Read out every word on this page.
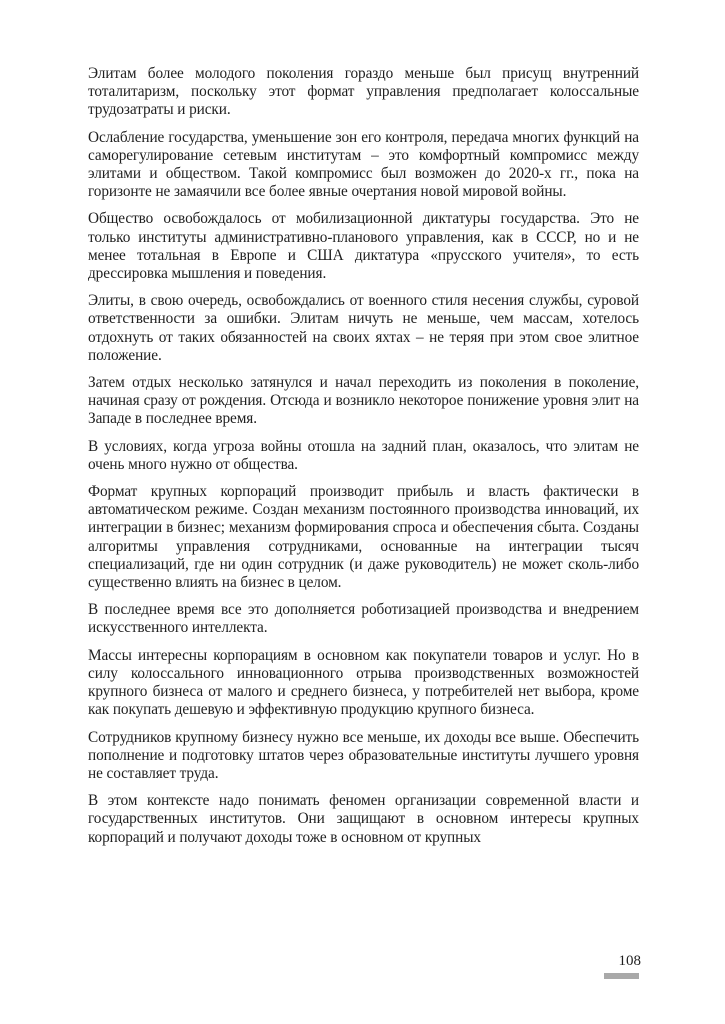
Элитам более молодого поколения гораздо меньше был присущ внутренний тоталитаризм, поскольку этот формат управления предполагает колоссальные трудозатраты и риски.

Ослабление государства, уменьшение зон его контроля, передача многих функций на саморегулирование сетевым институтам – это комфортный компромисс между элитами и обществом. Такой компромисс был возможен до 2020-х гг., пока на горизонте не замаячили все более явные очертания новой мировой войны.

Общество освобождалось от мобилизационной диктатуры государства. Это не только институты административно-планового управления, как в СССР, но и не менее тотальная в Европе и США диктатура «прусского учителя», то есть дрессировка мышления и поведения.

Элиты, в свою очередь, освобождались от военного стиля несения службы, суровой ответственности за ошибки. Элитам ничуть не меньше, чем массам, хотелось отдохнуть от таких обязанностей на своих яхтах – не теряя при этом свое элитное положение.

Затем отдых несколько затянулся и начал переходить из поколения в поколение, начиная сразу от рождения. Отсюда и возникло некоторое понижение уровня элит на Западе в последнее время.

В условиях, когда угроза войны отошла на задний план, оказалось, что элитам не очень много нужно от общества.

Формат крупных корпораций производит прибыль и власть фактически в автоматическом режиме. Создан механизм постоянного производства инноваций, их интеграции в бизнес; механизм формирования спроса и обеспечения сбыта. Созданы алгоритмы управления сотрудниками, основанные на интеграции тысяч специализаций, где ни один сотрудник (и даже руководитель) не может сколь-либо существенно влиять на бизнес в целом.

В последнее время все это дополняется роботизацией производства и внедрением искусственного интеллекта.

Массы интересны корпорациям в основном как покупатели товаров и услуг. Но в силу колоссального инновационного отрыва производственных возможностей крупного бизнеса от малого и среднего бизнеса, у потребителей нет выбора, кроме как покупать дешевую и эффективную продукцию крупного бизнеса.

Сотрудников крупному бизнесу нужно все меньше, их доходы все выше. Обеспечить пополнение и подготовку штатов через образовательные институты лучшего уровня не составляет труда.

В этом контексте надо понимать феномен организации современной власти и государственных институтов. Они защищают в основном интересы крупных корпораций и получают доходы тоже в основном от крупных

108
